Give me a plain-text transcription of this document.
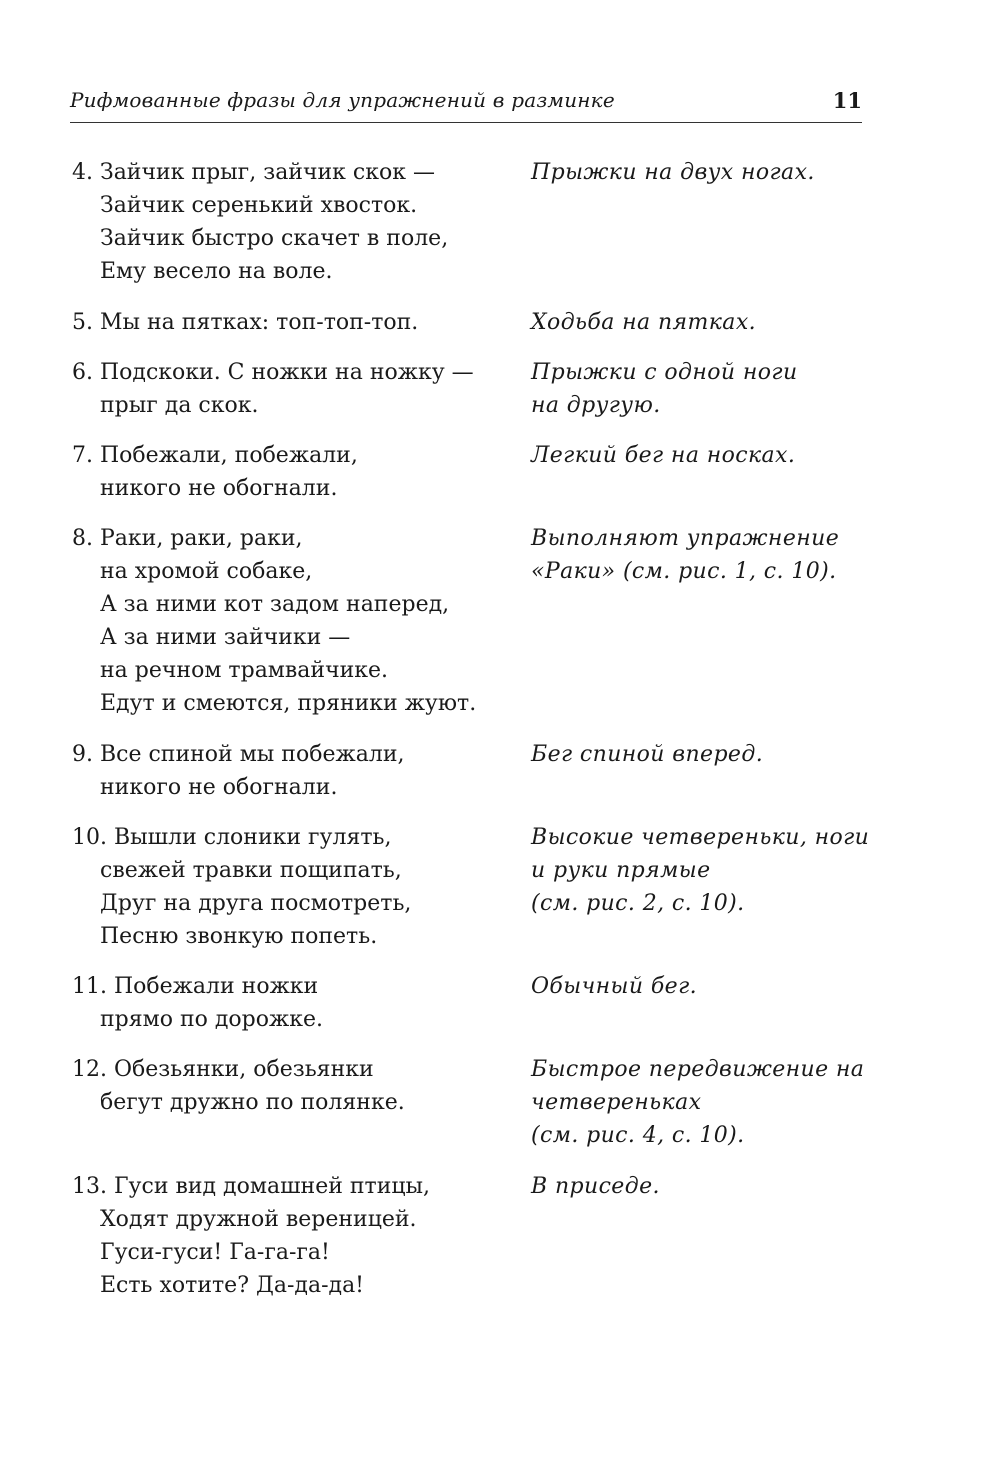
Рифмованные фразы для упражнений в разминке	11
4. Зайчик прыг, зайчик скок —
Зайчик серенький хвосток.
Зайчик быстро скачет в поле,
Ему весело на воле.
Прыжки на двух ногах.
5. Мы на пятках: топ-топ-топ.	Ходьба на пятках.
6. Подскоки. С ножки на ножку —
прыг да скок.
Прыжки с одной ноги
на другую.
7. Побежали, побежали,
никого не обогнали.
Легкий бег на носках.
8. Раки, раки, раки,
на хромой собаке,
А за ними кот задом наперед,
А за ними зайчики —
на речном трамвайчике.
Едут и смеются, пряники жуют.
Выполняют упражнение
«Раки» (см. рис. 1, с. 10).
9. Все спиной мы побежали,
никого не обогнали.
Бег спиной вперед.
10. Вышли слоники гулять,
свежей травки пощипать,
Друг на друга посмотреть,
Песню звонкую попеть.
Высокие четвереньки, ноги
и руки прямые
(см. рис. 2, с. 10).
11. Побежали ножки
прямо по дорожке.
Обычный бег.
12. Обезьянки, обезьянки
бегут дружно по полянке.
Быстрое передвижение на
четвереньках
(см. рис. 4, с. 10).
13. Гуси вид домашней птицы,
Ходят дружной вереницей.
Гуси-гуси! Га-га-га!
Есть хотите? Да-да-да!
В приседе.
